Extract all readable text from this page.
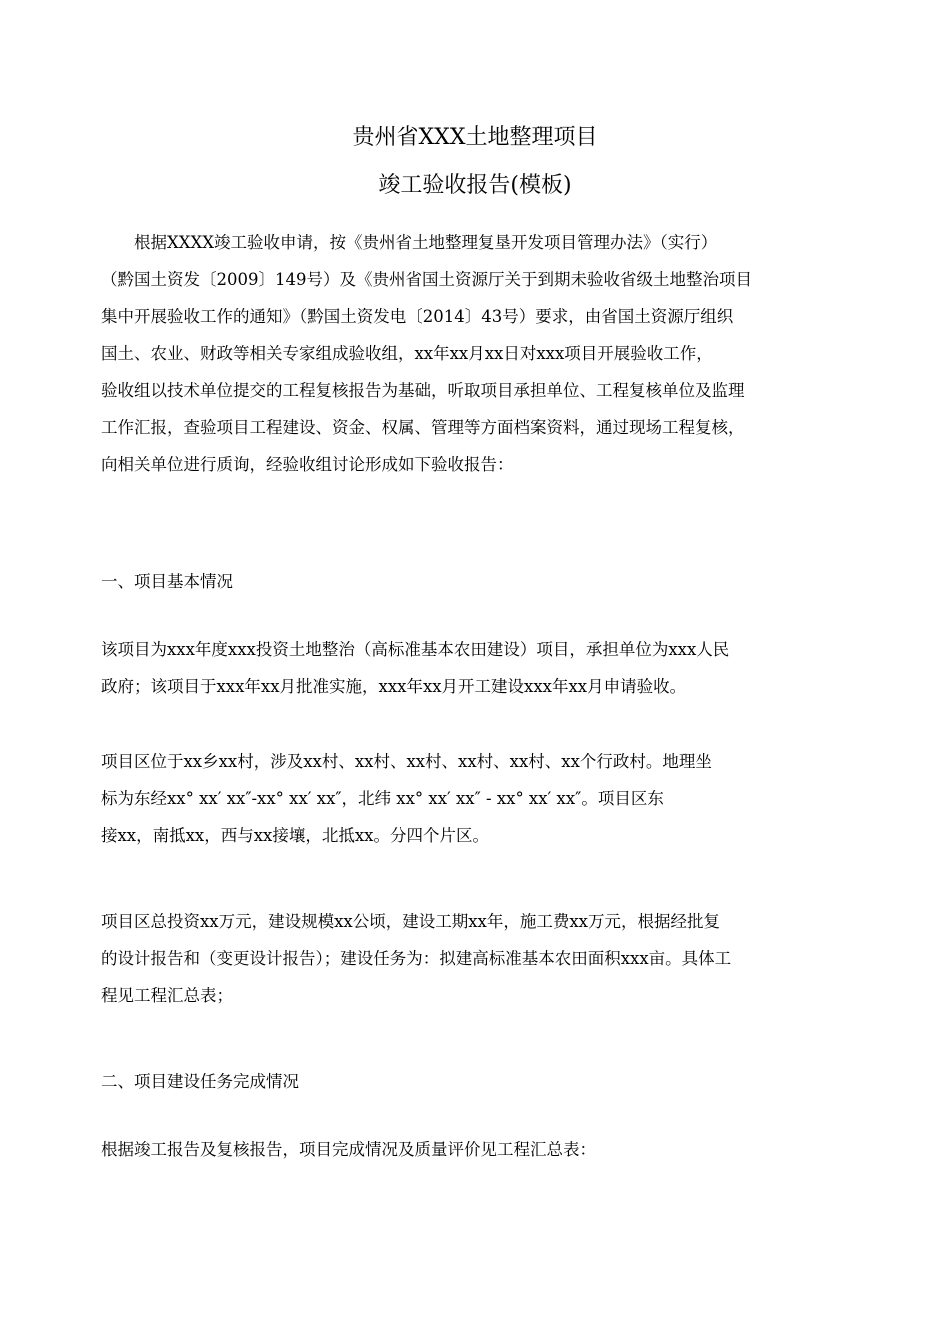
贵州省XXX土地整理项目
竣工验收报告(模板)

　　根据XXXX竣工验收申请，按《贵州省土地整理复垦开发项目管理办法》（实行）
（黔国土资发〔2009〕149号）及《贵州省国土资源厅关于到期未验收省级土地整治项目
集中开展验收工作的通知》（黔国土资发电〔2014〕43号）要求，由省国土资源厅组织
国土、农业、财政等相关专家组成验收组，xx年xx月xx日对xxx项目开展验收工作，
验收组以技术单位提交的工程复核报告为基础，听取项目承担单位、工程复核单位及监理
工作汇报，查验项目工程建设、资金、权属、管理等方面档案资料，通过现场工程复核，
向相关单位进行质询，经验收组讨论形成如下验收报告：

一、项目基本情况

该项目为xxx年度xxx投资土地整治（高标准基本农田建设）项目，承担单位为xxx人民
政府；该项目于xxx年xx月批准实施，xxx年xx月开工建设xxx年xx月申请验收。

项目区位于xx乡xx村，涉及xx村、xx村、xx村、xx村、xx村、xx个行政村。地理坐
标为东经xx° xx′ xx″-xx° xx′ xx″，北纬 xx° xx′ xx″ - xx° xx′ xx″。项目区东
接xx，南抵xx，西与xx接壤，北抵xx。分四个片区。

项目区总投资xx万元，建设规模xx公顷，建设工期xx年，施工费xx万元，根据经批复
的设计报告和（变更设计报告）；建设任务为：拟建高标准基本农田面积xxx亩。具体工
程见工程汇总表；

二、项目建设任务完成情况

根据竣工报告及复核报告，项目完成情况及质量评价见工程汇总表：
